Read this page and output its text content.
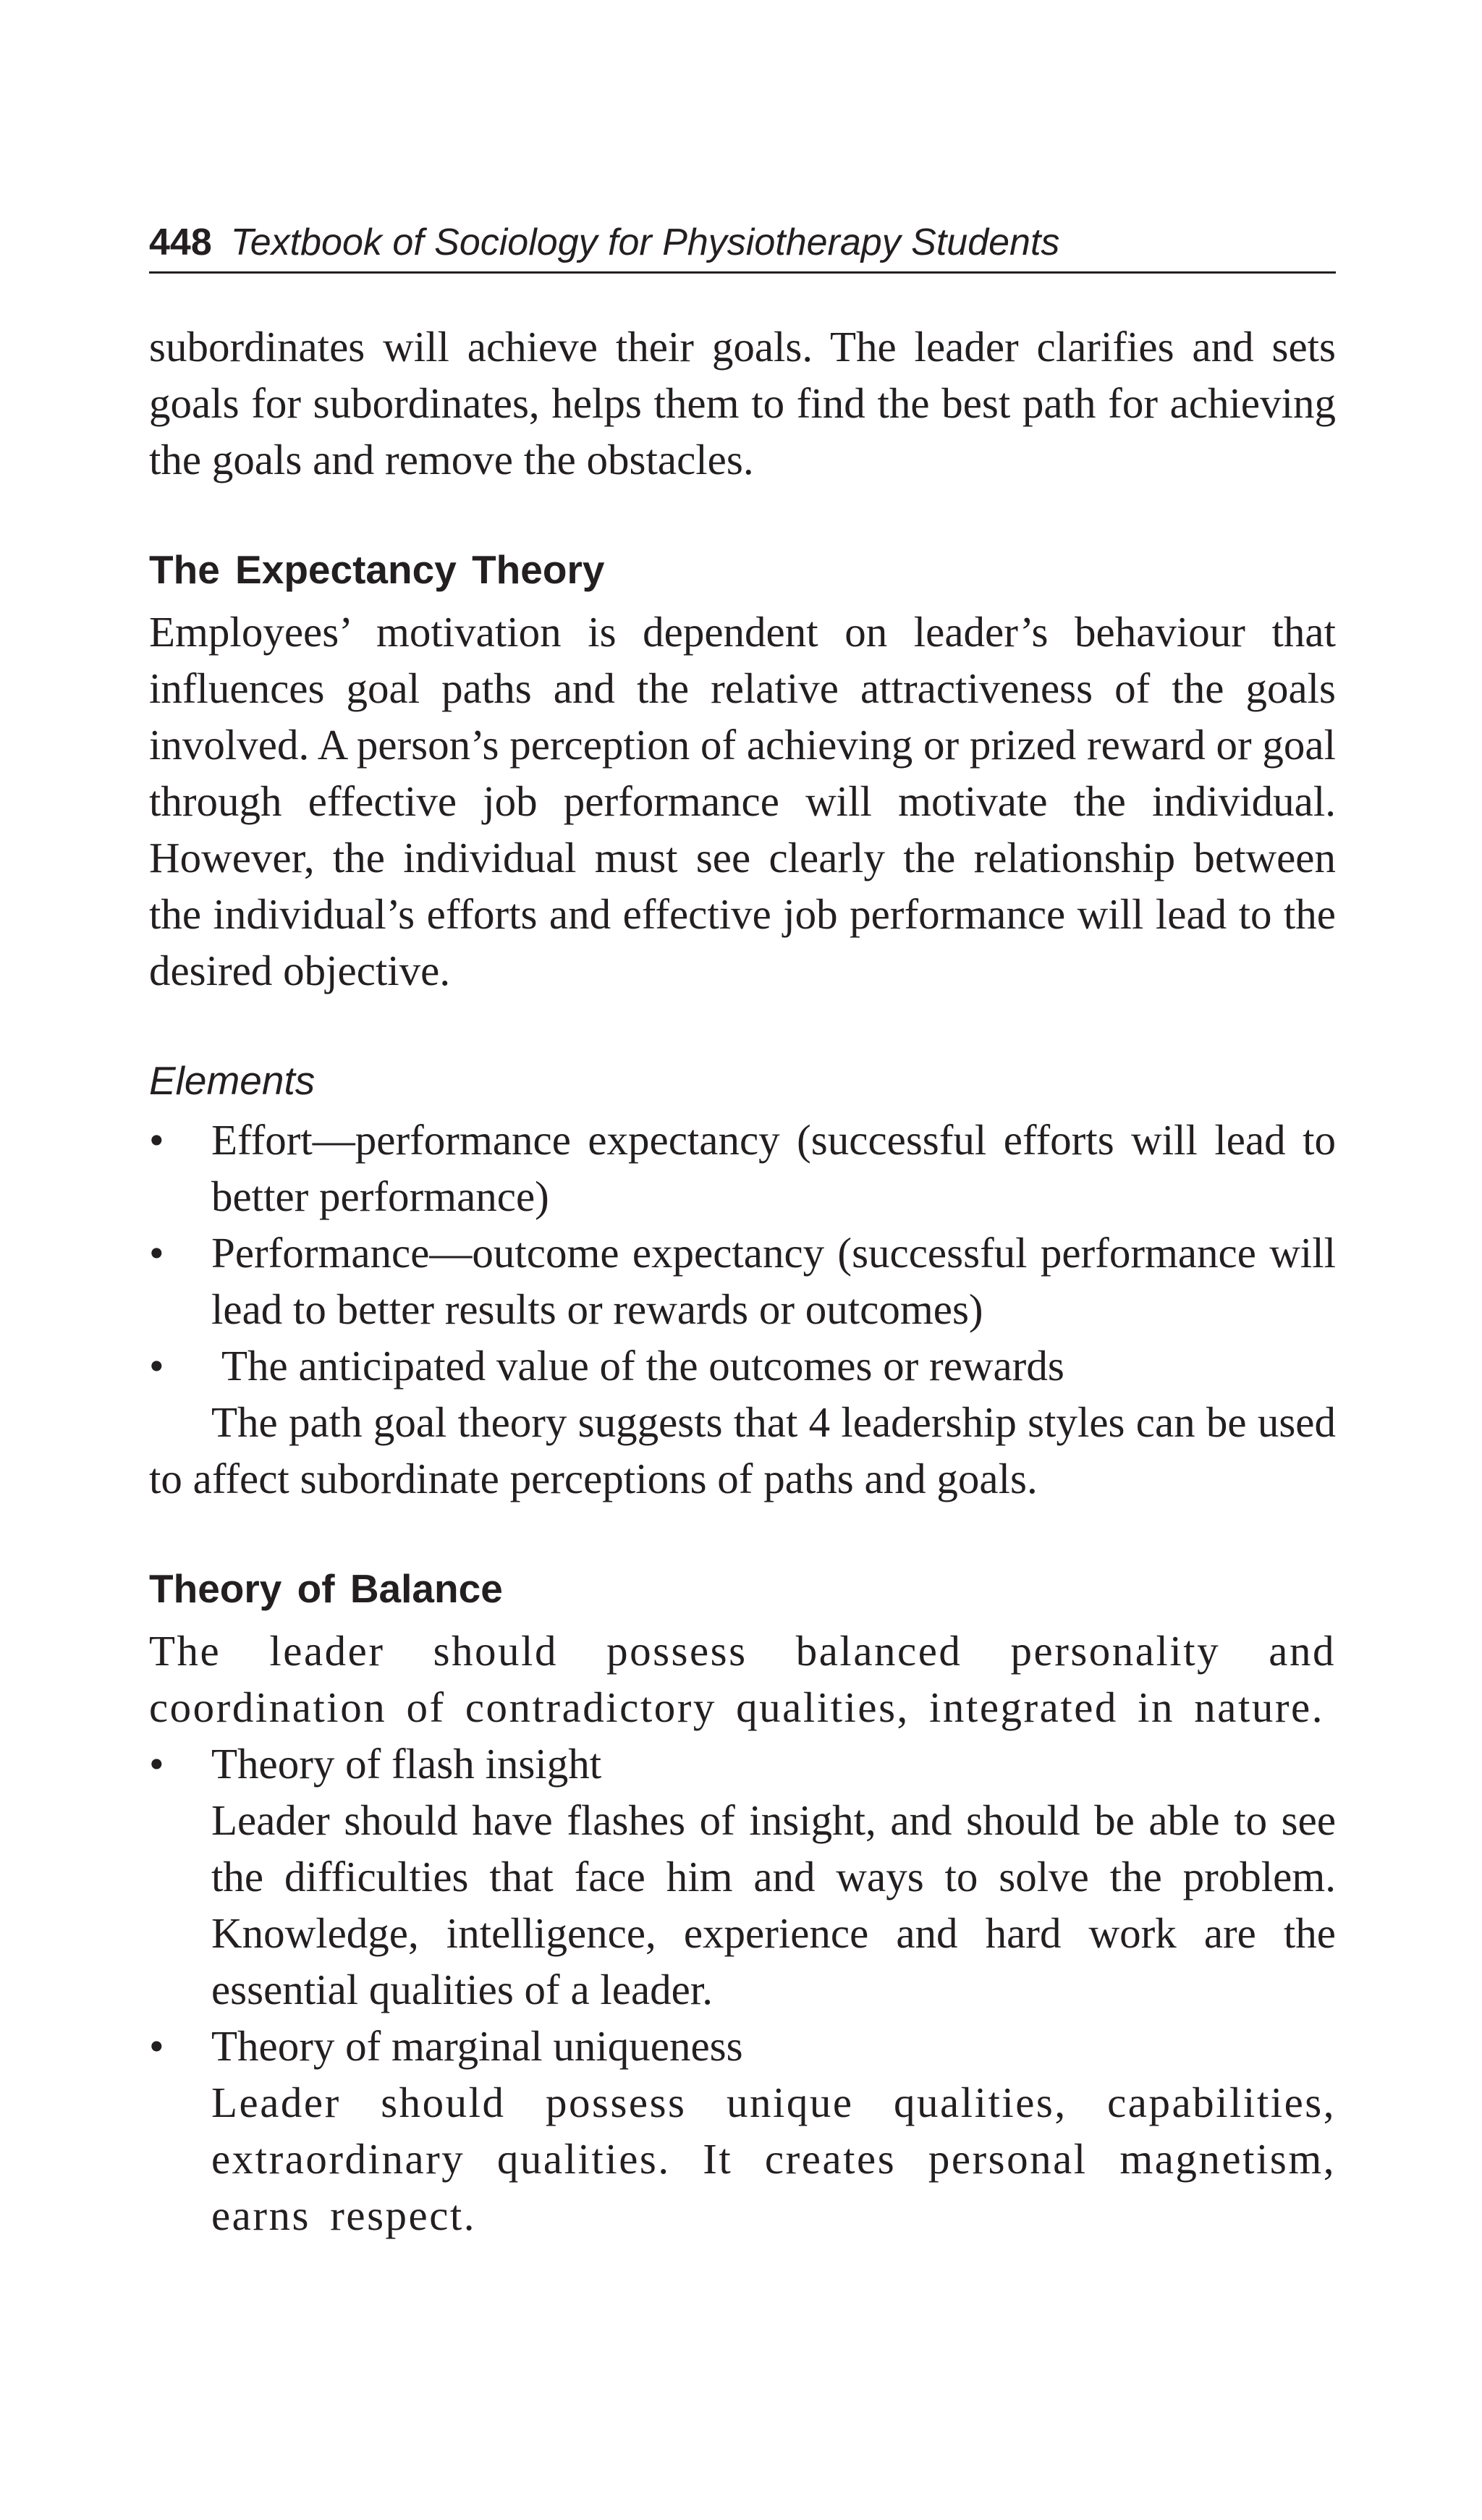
448 Textbook of Sociology for Physiotherapy Students

subordinates will achieve their goals. The leader clarifies and sets goals for subordinates, helps them to find the best path for achieving the goals and remove the obstacles.

The Expectancy Theory

Employees’ motivation is dependent on leader’s behaviour that influences goal paths and the relative attractiveness of the goals involved. A person’s perception of achieving or prized reward or goal through effective job performance will motivate the individual. However, the individual must see clearly the relationship between the individual’s efforts and effective job performance will lead to the desired objective.

Elements
• Effort—performance expectancy (successful efforts will lead to better performance)
• Performance—outcome expectancy (successful performance will lead to better results or rewards or outcomes)
• The anticipated value of the outcomes or rewards

The path goal theory suggests that 4 leadership styles can be used to affect subordinate perceptions of paths and goals.

Theory of Balance

The leader should possess balanced personality and coordination of contradictory qualities, integrated in nature.

• Theory of flash insight
Leader should have flashes of insight, and should be able to see the difficulties that face him and ways to solve the problem. Knowledge, intelligence, experience and hard work are the essential qualities of a leader.
• Theory of marginal uniqueness
Leader should possess unique qualities, capabilities, extraordinary qualities. It creates personal magnetism, earns respect.
